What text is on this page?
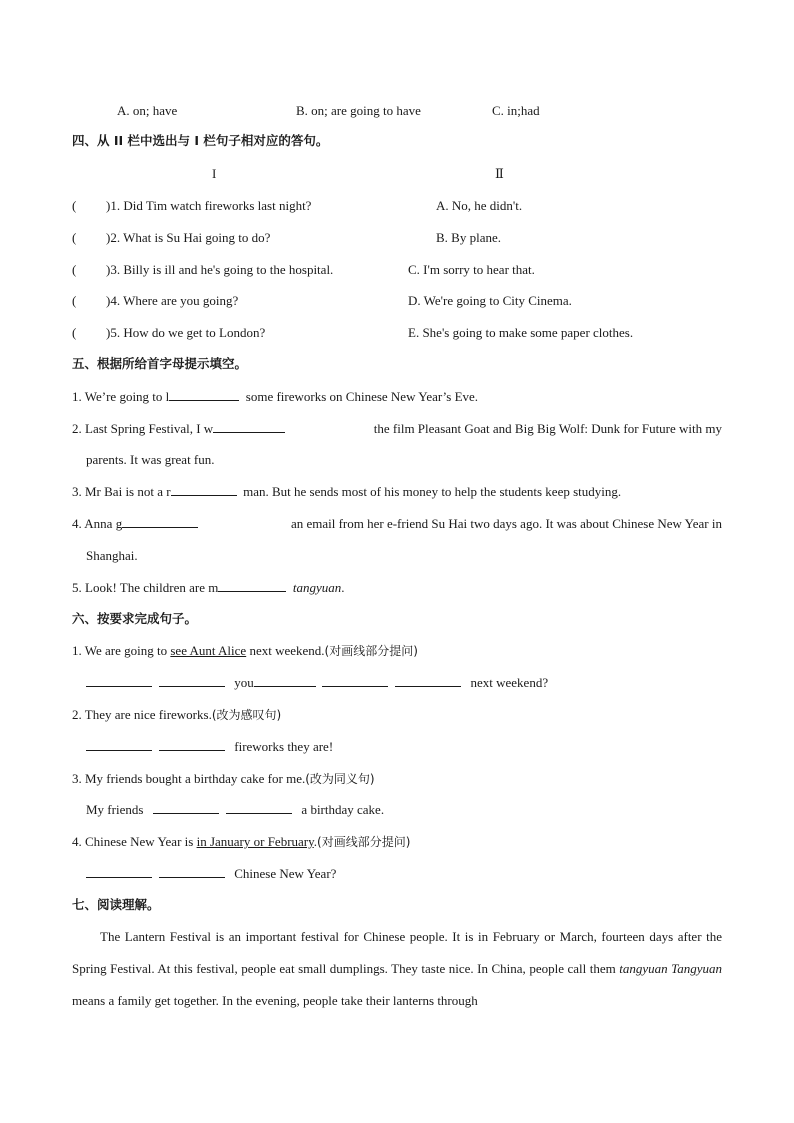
A. on; have	B. on; are going to have	C. in;had
四、从 II 栏中选出与 I 栏句子相对应的答句。
I	Ⅱ
( )1. Did Tim watch fireworks last night?	A. No, he didn't.
( )2. What is Su Hai going to do?	B. By plane.
( )3. Billy is ill and he's going to the hospital.	C. I'm sorry to hear that.
( )4. Where are you going?	D. We're going to City Cinema.
( )5. How do we get to London?	E. She's going to make some paper clothes.
五、根据所给首字母提示填空。
1. We’re going to l	some fireworks on Chinese New Year’s Eve.
2. Last Spring Festival, I w	the film Pleasant Goat and Big Big Wolf: Dunk for Future with my
parents. It was great fun.
3. Mr Bai is not a r	man. But he sends most of his money to help the students keep studying.
4. Anna g	an email from her e-friend Su Hai two days ago. It was about Chinese New Year in
Shanghai.
5. Look! The children are m	tangyuan.
六、按要求完成句子。
1. We are going to see Aunt Alice next weekend.(对画线部分提问)
you	next weekend?
2. They are nice fireworks.(改为感叹句)
fireworks they are!
3. My friends bought a birthday cake for me.(改为同义句)
My friends	a birthday cake.
4. Chinese New Year is in January or February.(对画线部分提问)
Chinese New Year?
七、阅读理解。
The Lantern Festival is an important festival for Chinese people. It is in February or March, fourteen days after the Spring Festival. At this festival, people eat small dumplings. They taste nice. In China, people call them tangyuan Tangyuan means a family get together. In the evening, people take their lanterns through
